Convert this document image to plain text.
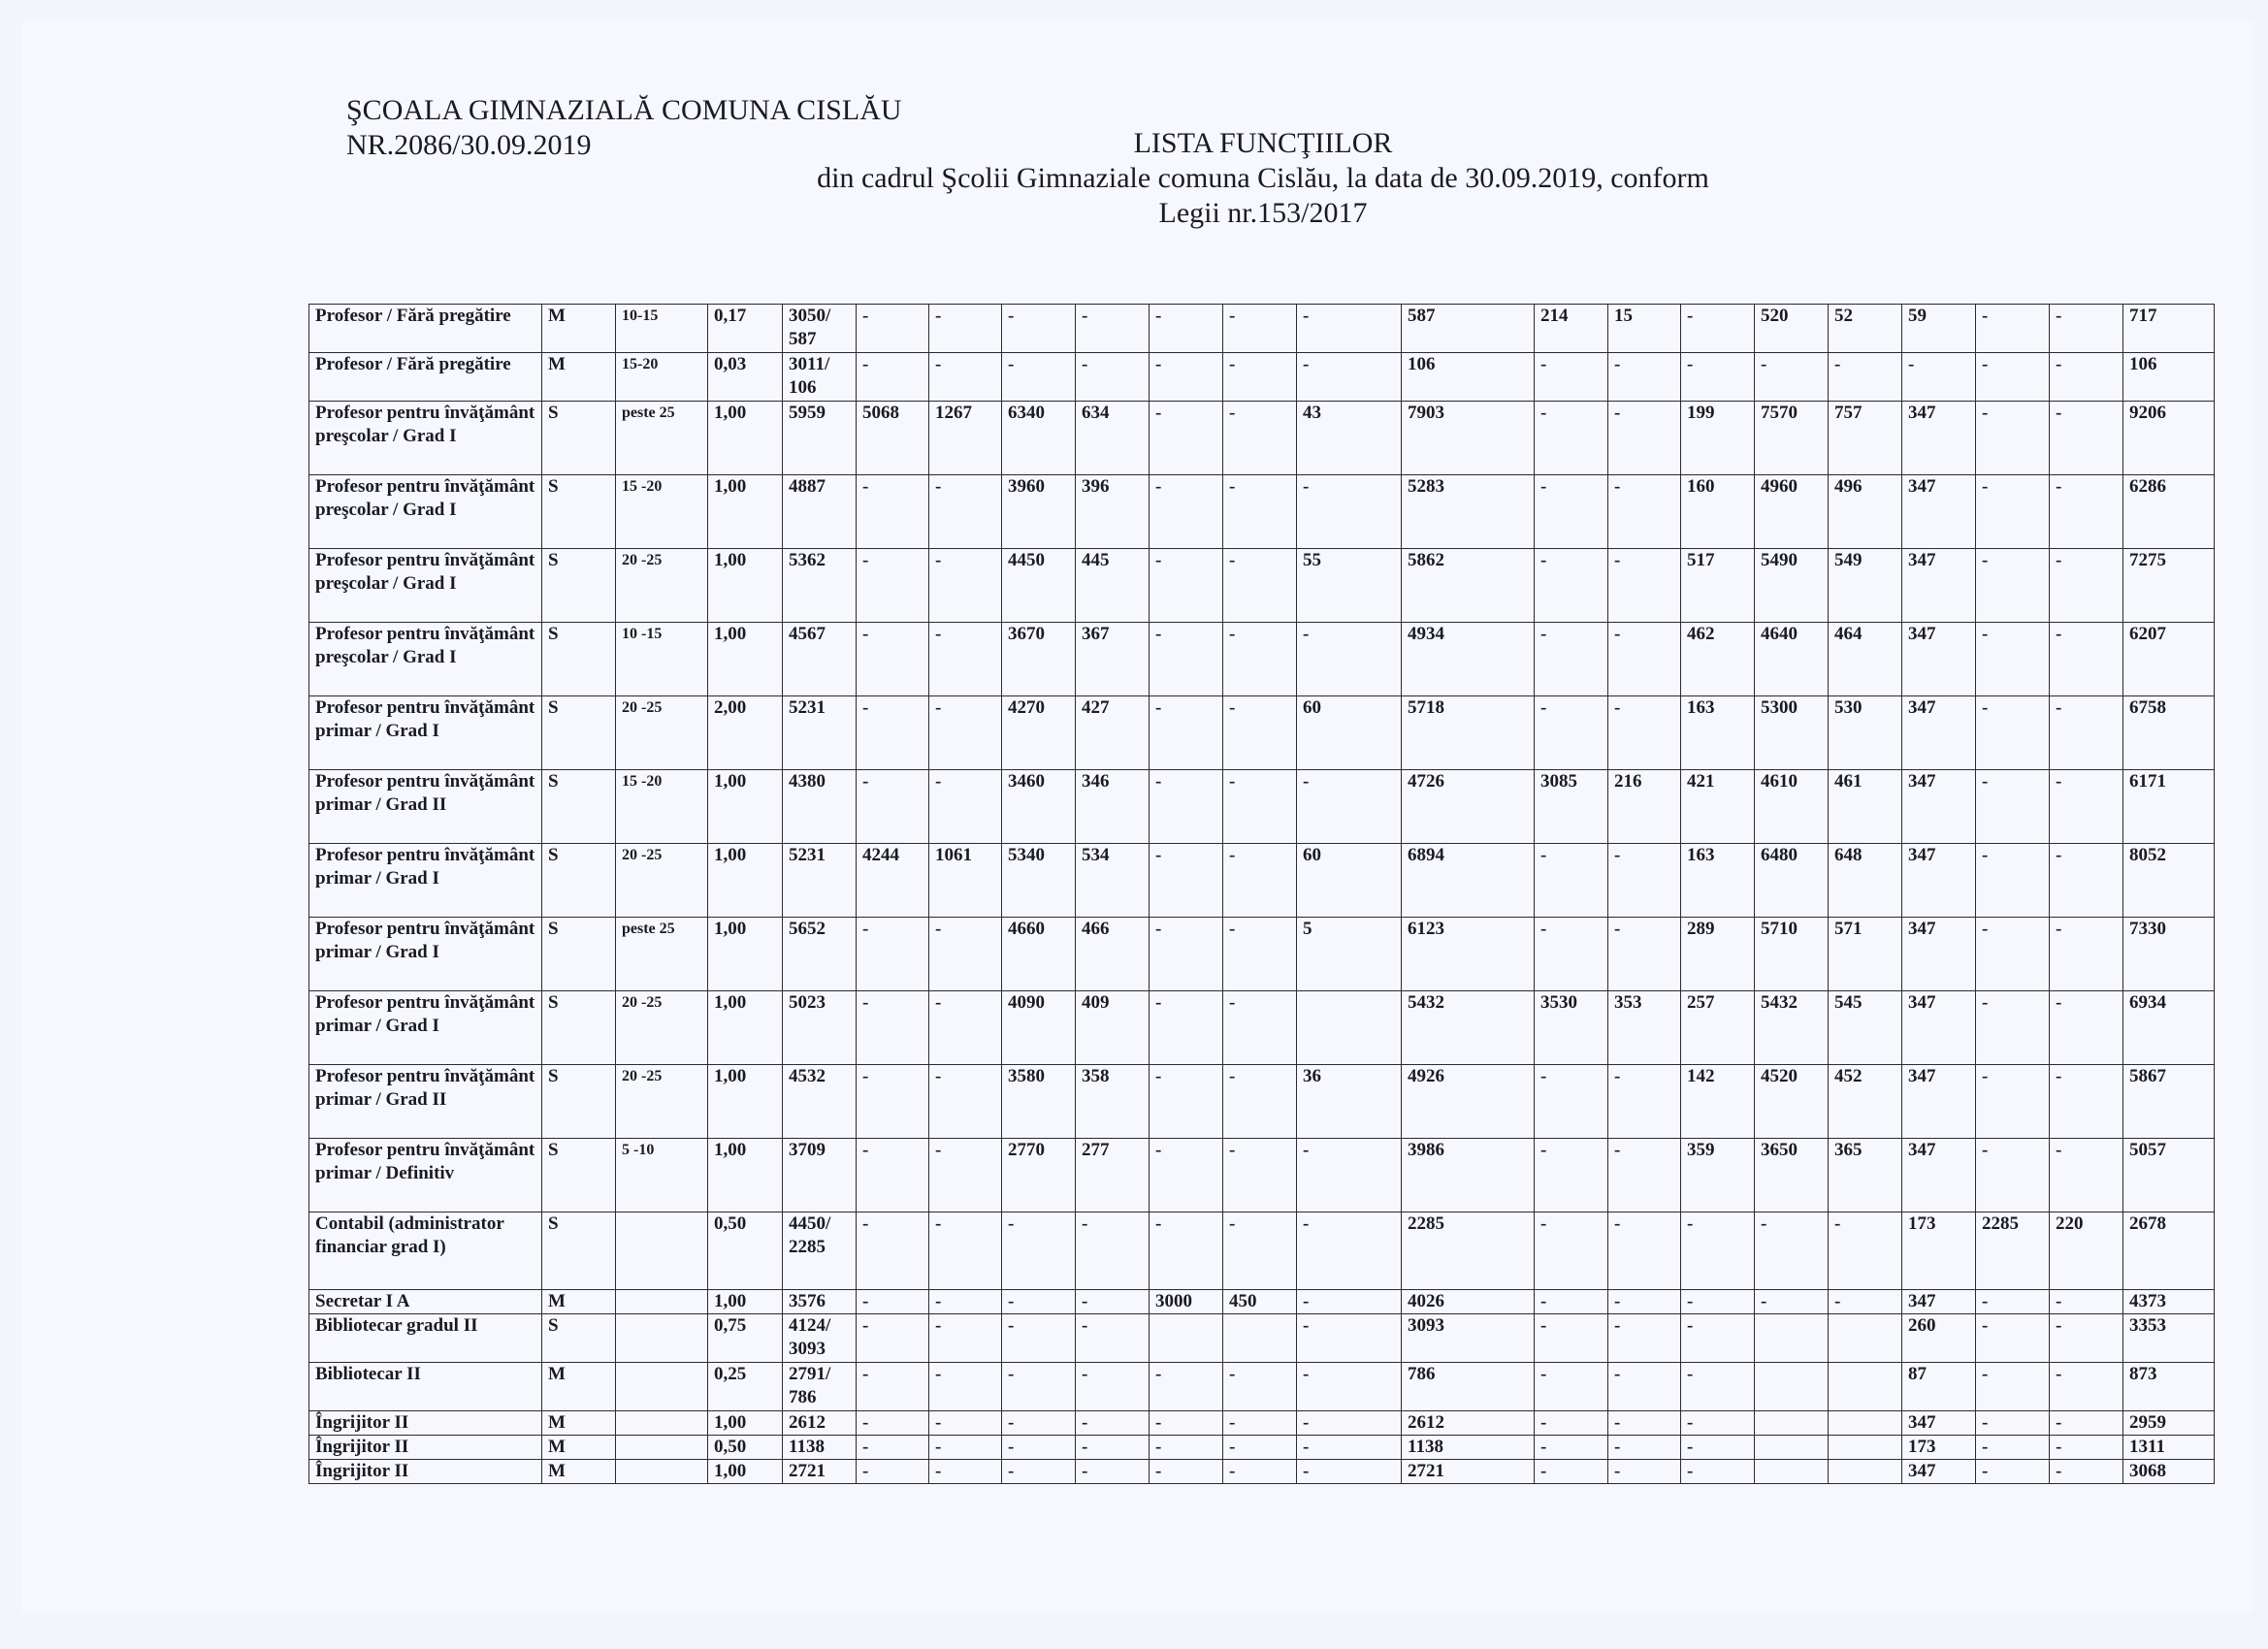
ŞCOALA GIMNAZIALĂ COMUNA CISLĂU
NR.2086/30.09.2019	LISTA FUNCŢIILOR
din cadrul Şcolii Gimnaziale comuna Cislău, la data de 30.09.2019, conform
Legii nr.153/2017
Profesor / Fără pregătire	M	10-15	0,17	3050/ 587	-	-	-	-	-	-	-	587	214	15	-	520	52	59	-	-	717
Profesor / Fără pregătire	M	15-20	0,03	3011/ 106	-	-	-	-	-	-	-	106	-	-	-	-	-	-	-	-	106
Profesor pentru învăţământ preşcolar / Grad I	S	peste 25	1,00	5959	5068	1267	6340	634	-	-	43	7903	-	-	199	7570	757	347	-	-	9206
Profesor pentru învăţământ preşcolar / Grad I	S	15 -20	1,00	4887	-	-	3960	396	-	-	-	5283	-	-	160	4960	496	347	-	-	6286
Profesor pentru învăţământ preşcolar / Grad I	S	20 -25	1,00	5362	-	-	4450	445	-	-	55	5862	-	-	517	5490	549	347	-	-	7275
Profesor pentru învăţământ preşcolar / Grad I	S	10 -15	1,00	4567	-	-	3670	367	-	-	-	4934	-	-	462	4640	464	347	-	-	6207
Profesor pentru învăţământ primar / Grad I	S	20 -25	2,00	5231	-	-	4270	427	-	-	60	5718	-	-	163	5300	530	347	-	-	6758
Profesor pentru învăţământ primar / Grad II	S	15 -20	1,00	4380	-	-	3460	346	-	-	-	4726	3085	216	421	4610	461	347	-	-	6171
Profesor pentru învăţământ primar / Grad I	S	20 -25	1,00	5231	4244	1061	5340	534	-	-	60	6894	-	-	163	6480	648	347	-	-	8052
Profesor pentru învăţământ primar / Grad I	S	peste 25	1,00	5652	-	-	4660	466	-	-	5	6123	-	-	289	5710	571	347	-	-	7330
Profesor pentru învăţământ primar / Grad I	S	20 -25	1,00	5023	-	-	4090	409	-	-		5432	3530	353	257	5432	545	347	-	-	6934
Profesor pentru învăţământ primar / Grad II	S	20 -25	1,00	4532	-	-	3580	358	-	-	36	4926	-	-	142	4520	452	347	-	-	5867
Profesor pentru învăţământ primar / Definitiv	S	5 -10	1,00	3709	-	-	2770	277	-	-	-	3986	-	-	359	3650	365	347	-	-	5057
Contabil (administrator financiar grad I)	S		0,50	4450/ 2285	-	-	-	-	-	-	-	2285	-	-	-	-	-	173	2285	220	2678
Secretar I A	M		1,00	3576	-	-	-	-	3000	450	-	4026	-	-	-	-	-	347	-	-	4373
Bibliotecar gradul II	S		0,75	4124/ 3093	-	-	-	-			-	3093	-	-	-			260	-	-	3353
Bibliotecar II	M		0,25	2791/ 786	-	-	-	-	-	-	-	786	-	-	-			87	-	-	873
Îngrijitor II	M		1,00	2612	-	-	-	-	-	-	-	2612	-	-	-			347	-	-	2959
Îngrijitor II	M		0,50	1138	-	-	-	-	-	-	-	1138	-	-	-			173	-	-	1311
Îngrijitor II	M		1,00	2721	-	-	-	-	-	-	-	2721	-	-	-			347	-	-	3068
